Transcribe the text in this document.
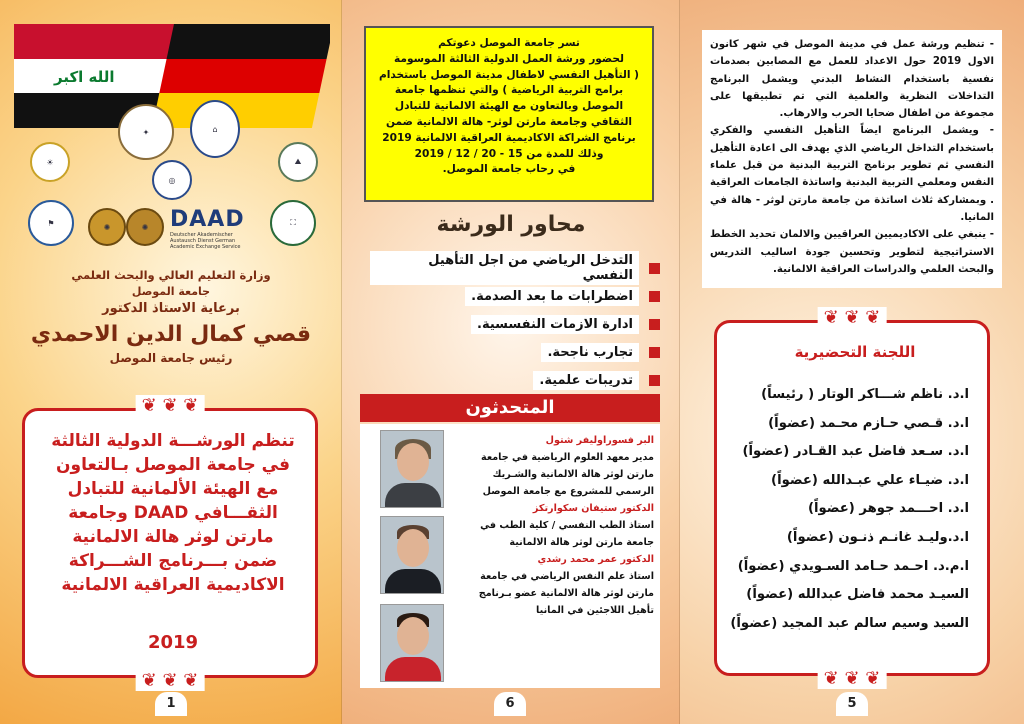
الله اكبر
✦	⌂
☀	⛰
◎
⚑	✺	✺ DAAD
Deutscher Akademischer Austausch Dienst German Academic Exchange Service
⛶
وزارة التعليم العالي والبحث العلمي
جامعة الموصل
برعاية الاستاذ الدكتور
قصي كمال الدين الاحمدي
رئيس جامعة الموصل
❦ ❦ ❦
تنظم الورشـــة الدولية الثالثة
في جامعة الموصل بـالتعاون
مع الهيئة الألمانية للتبادل
الثقـــافي DAAD وجامعة
مارتن لوثر هالة الالمانية
ضمن بـــرنامج الشـــراكة
الاكاديمية العراقية الالمانية
2019
❦ ❦ ❦
1
تسر جامعة الموصل دعوتكم
لحضور ورشة العمل الدولية الثالثة الموسومة
( التأهيل النفسي لاطفال مدينة الموصل باستخدام
برامج التربية الرياضية ) والتي تنظمها جامعة
الموصل وبالتعاون مع الهيئة الالمانية للتبادل
الثقافي وجامعة مارتن لوثر- هالة الالمانية ضمن
برنامج الشراكة الاكاديمية العراقية الالمانية 2019
وذلك للمدة من 15 - 20 / 12 / 2019
في رحاب جامعة الموصل.
محاور الورشة
التدخل الرياضي من اجل التأهيل النفسي
اضطرابات ما بعد الصدمة.
ادارة الازمات النفسسية.
تجارب ناجحة.
تدريبات علمية.
المتحدثون
البر فسوراوليفر شتول
مدير معهد العلوم الرياضية في جامعة
مارتن لوثر هالة الالمانية والشـريك
الرسمي للمشروع مع جامعة الموصل
الدكتور ستيفان سكوارتكز
استاذ الطب النفسي / كلية الطب في
جامعة مارتن لوثر هالة الالمانية
الدكتور عمر محمد رشدي
استاذ علم النفس الرياضي في جامعة
مارتن لوثر هالة الالمانية عضو بـرنامج
تأهيل اللاجئين في المانيا
6

- تنظيم ورشة عمل في مدينة الموصل في شهر كانون الاول 2019 حول الاعداد للعمل مع المصابين بصدمات نفسية باستخدام النشاط البدني ويشمل البرنامج التداخلات النظرية والعلمية التي تم تطبيقها على مجموعة من اطفال ضحايا الحرب والارهاب.

- ويشمل البرنامج ايضاً التأهيل النفسي والفكري باستخدام التداخل الرياضي الذي يهدف الى اعادة التأهيل النفسي ثم تطوير برنامج التربية البدنية من قبل علماء النفس ومعلمي التربية البدنية واساتذة الجامعات العراقية . وبمشاركة ثلاث اساتذة من جامعة مارتن لوثر - هالة في المانيا.

- ينبغي على الاكاديميين العراقيين والالمان تحديد الخطط الاستراتيجية لتطوير وتحسين جودة اساليب التدريس والبحث العلمي والدراسات العراقية الالمانية.

❦ ❦ ❦
اللجنة التحضيرية
ا.د. ناظم شـــاكر الوتار ( رئيساً)
ا.د. قـصي حـازم محـمد (عضواً)
ا.د. سـعد فاضل عبد القـادر (عضواً)
ا.د. ضيـاء علي عبـدالله (عضواً)
ا.د. احـــمد جوهر (عضواً)
ا.د.وليـد غانـم ذنـون (عضواً)
ا.م.د. احـمد حـامد السـويدي (عضواً)
السيـد محمد فاضل عبدالله (عضواً)
السيد وسيم سالم عبد المجيد (عضواً)
❦ ❦ ❦
5
